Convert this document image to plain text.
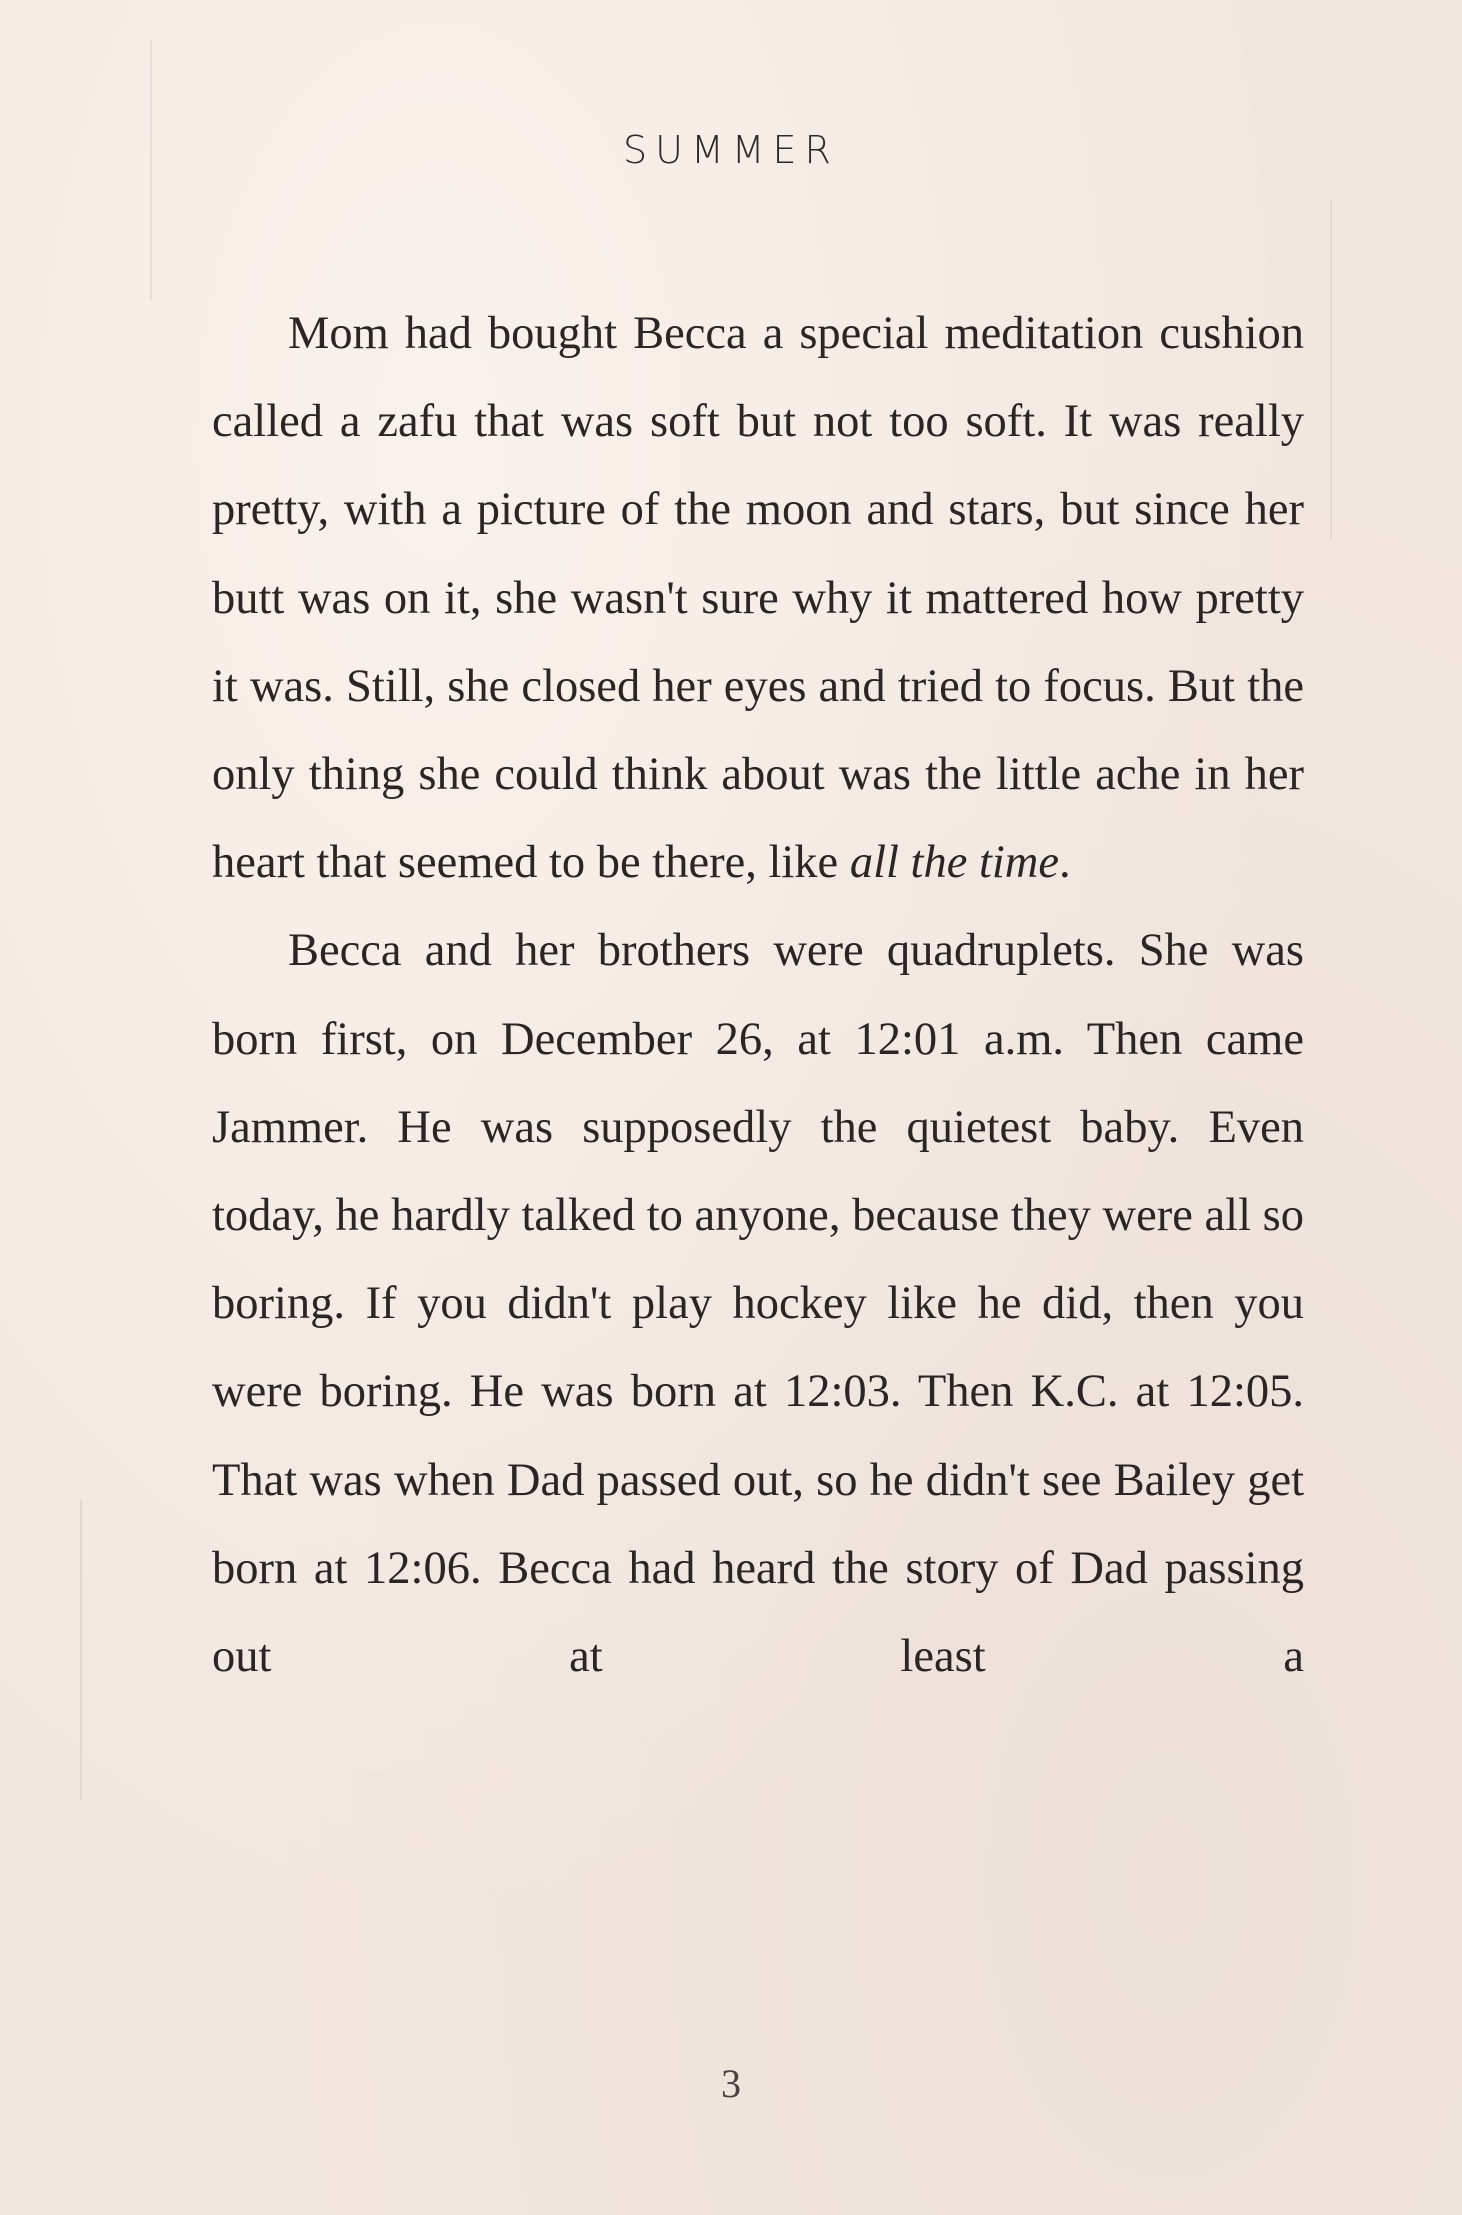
SUMMER

Mom had bought Becca a special meditation cushion called a zafu that was soft but not too soft. It was really pretty, with a picture of the moon and stars, but since her butt was on it, she wasn't sure why it mattered how pretty it was. Still, she closed her eyes and tried to focus. But the only thing she could think about was the little ache in her heart that seemed to be there, like all the time.

Becca and her brothers were quadruplets. She was born first, on December 26, at 12:01 a.m. Then came Jammer. He was supposedly the quietest baby. Even today, he hardly talked to anyone, because they were all so boring. If you didn't play hockey like he did, then you were boring. He was born at 12:03. Then K.C. at 12:05. That was when Dad passed out, so he didn't see Bailey get born at 12:06. Becca had heard the story of Dad passing out at least a

3
